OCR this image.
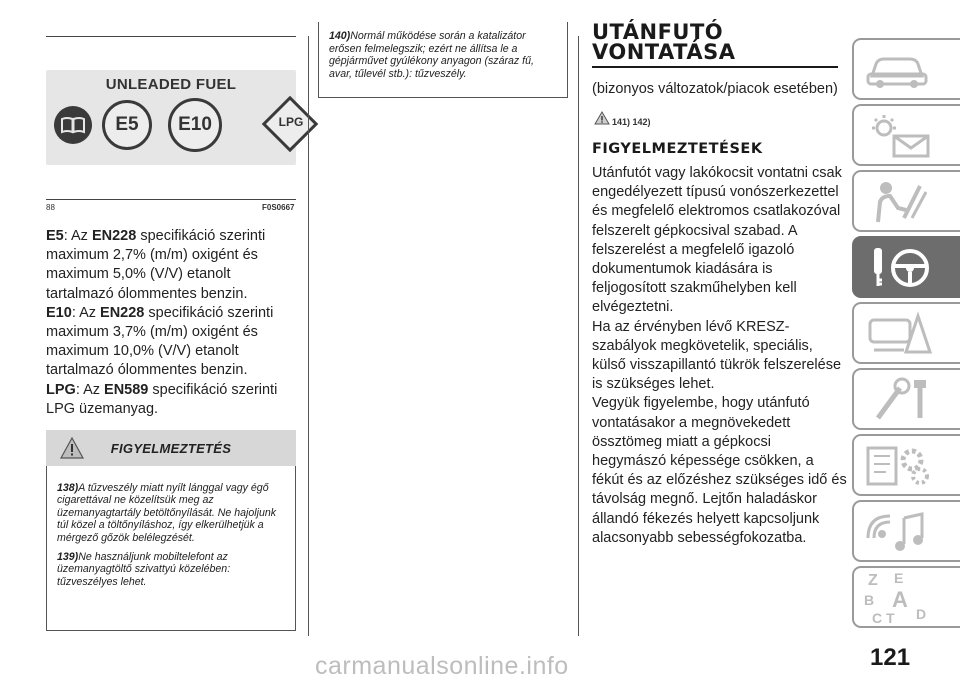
UNLEADED FUEL
E5	E10	LPG
88	F0S0667

E5: Az EN228 specifikáció szerinti maximum 2,7% (m/m) oxigént és maximum 5,0% (V/V) etanolt tartalmazó ólommentes benzin.

E10: Az EN228 specifikáció szerinti maximum 3,7% (m/m) oxigént és maximum 10,0% (V/V) etanolt tartalmazó ólommentes benzin.

LPG: Az EN589 specifikáció szerinti LPG üzemanyag.

FIGYELMEZTETÉS

138)A tűzveszély miatt nyílt lánggal vagy égő cigarettával ne közelítsük meg az üzemanyagtartály betöltőnyílását. Ne hajoljunk túl közel a töltőnyíláshoz, így elkerülhetjük a mérgező gőzök belélegzését.

139)Ne használjunk mobiltelefont az üzemanyagtöltő szivattyú közelében: tűzveszélyes lehet.

140)Normál működése során a katalizátor erősen felmelegszik; ezért ne állítsa le a gépjárművet gyúlékony anyagon (száraz fű, avar, tűlevél stb.): tűzveszély.

UTÁNFUTÓ
VONTATÁSA
(bizonyos változatok/piacok esetében)
141) 142)
FIGYELMEZTETÉSEK

Utánfutót vagy lakókocsit vontatni csak engedélyezett típusú vonószerkezettel és megfelelő elektromos csatlakozóval felszerelt gépkocsival szabad. A felszerelést a megfelelő igazoló dokumentumok kiadására is feljogosított szakműhelyben kell elvégeztetni.

Ha az érvényben lévő KRESZ-szabályok megkövetelik, speciális, külső visszapillantó tükrök felszerelése is szükséges lehet.

Vegyük figyelembe, hogy utánfutó vontatásakor a megnövekedett össztömeg miatt a gépkocsi hegymászó képessége csökken, a fékút és az előzéshez szükséges idő és távolság megnő. Lejtőn haladáskor állandó fékezés helyett kapcsoljunk alacsonyabb sebességfokozatba.

Z E
B A
C T D
121
carmanualsonline.info
